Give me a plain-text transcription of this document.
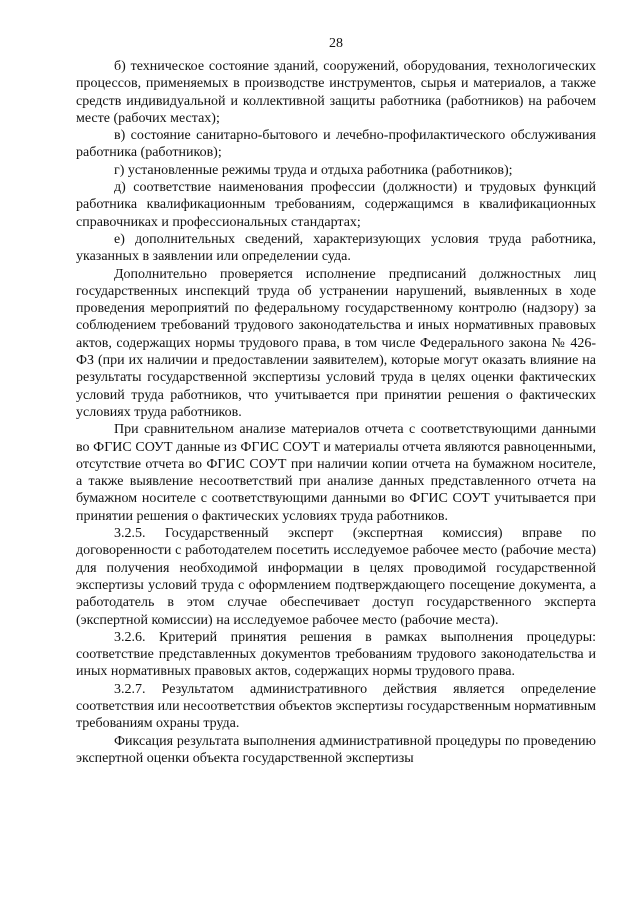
28

б) техническое состояние зданий, сооружений, оборудования, технологических процессов, применяемых в производстве инструментов, сырья и материалов, а также средств индивидуальной и коллективной защиты работника (работников) на рабочем месте (рабочих местах);

в) состояние санитарно-бытового и лечебно-профилактического обслуживания работника (работников);

г) установленные режимы труда и отдыха работника (работников);

д) соответствие наименования профессии (должности) и трудовых функций работника квалификационным требованиям, содержащимся в квалификационных справочниках и профессиональных стандартах;

е) дополнительных сведений, характеризующих условия труда работника, указанных в заявлении или определении суда.

Дополнительно проверяется исполнение предписаний должностных лиц государственных инспекций труда об устранении нарушений, выявленных в ходе проведения мероприятий по федеральному государственному контролю (надзору) за соблюдением требований трудового законодательства и иных нормативных правовых актов, содержащих нормы трудового права, в том числе Федерального закона № 426-ФЗ (при их наличии и предоставлении заявителем), которые могут оказать влияние на результаты государственной экспертизы условий труда в целях оценки фактических условий труда работников, что учитывается при принятии решения о фактических условиях труда работников.

При сравнительном анализе материалов отчета с соответствующими данными во ФГИС СОУТ данные из ФГИС СОУТ и материалы отчета являются равноценными, отсутствие отчета во ФГИС СОУТ при наличии копии отчета на бумажном носителе, а также выявление несоответствий при анализе данных представленного отчета на бумажном носителе с соответствующими данными во ФГИС СОУТ учитывается при принятии решения о фактических условиях труда работников.

3.2.5. Государственный эксперт (экспертная комиссия) вправе по договоренности с работодателем посетить исследуемое рабочее место (рабочие места) для получения необходимой информации в целях проводимой государственной экспертизы условий труда с оформлением подтверждающего посещение документа, а работодатель в этом случае обеспечивает доступ государственного эксперта (экспертной комиссии) на исследуемое рабочее место (рабочие места).

3.2.6. Критерий принятия решения в рамках выполнения процедуры: соответствие представленных документов требованиям трудового законодательства и иных нормативных правовых актов, содержащих нормы трудового права.

3.2.7. Результатом административного действия является определение соответствия или несоответствия объектов экспертизы государственным нормативным требованиям охраны труда.

Фиксация результата выполнения административной процедуры по проведению экспертной оценки объекта государственной экспертизы
